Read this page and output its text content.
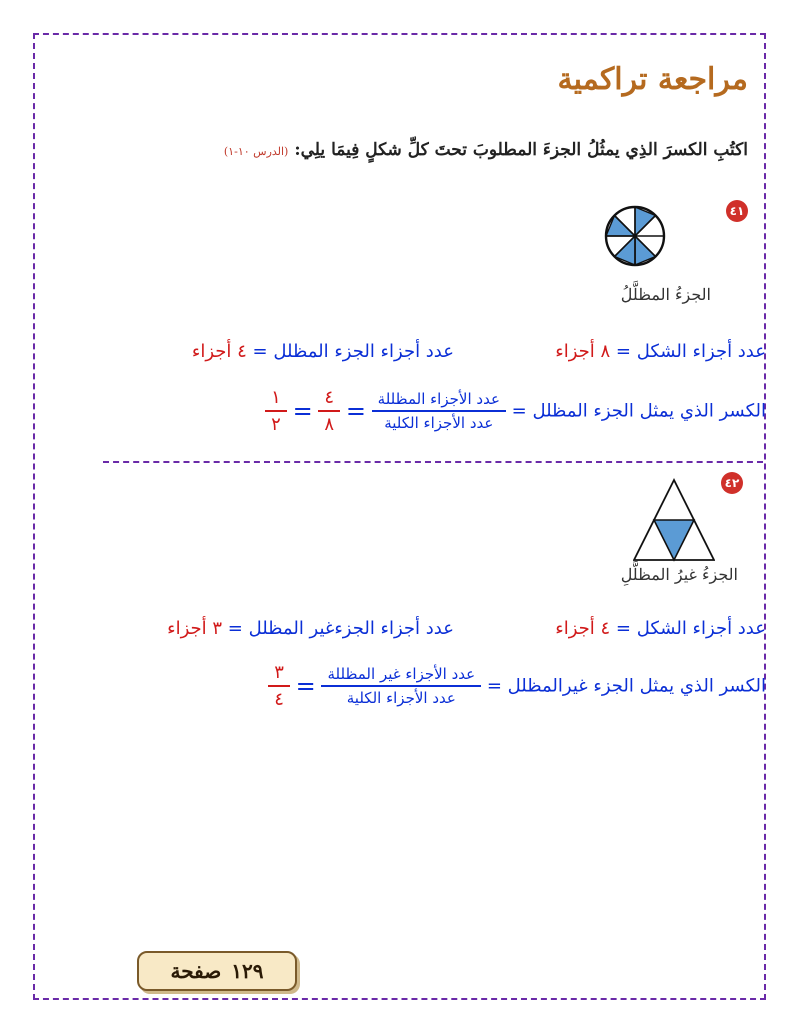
مراجعة تراكمية
اكتُبِ الكسرَ الذِي يمثُلُ الجزءَ المطلوبَ تحتَ كلِّ شكلٍ فِيمَا يلِي:(الدرس ١٠-١)
٤١
الجزءُ المظلَّلُ
عدد أجزاء الشكل = ٨ أجزاء
عدد أجزاء الجزء المظلل = ٤ أجزاء
الكسر الذي يمثل الجزء المظلل =
$\frac{\text{عدد الأجزاء المظللة}}{\text{عدد الأجزاء الكلية}}$
=
$\frac{٤}{٨}$
=
$\frac{١}{٢}$
٤٢
الجزءُ غيرُ المظلَّلِ
عدد أجزاء الشكل = ٤ أجزاء
عدد أجزاء الجزءغير المظلل = ٣ أجزاء
الكسر الذي يمثل الجزء غيرالمظلل =
$\frac{\text{عدد الأجزاء غير المظللة}}{\text{عدد الأجزاء الكلية}}$
=
$\frac{٣}{٤}$
صفحة ١٢٩
